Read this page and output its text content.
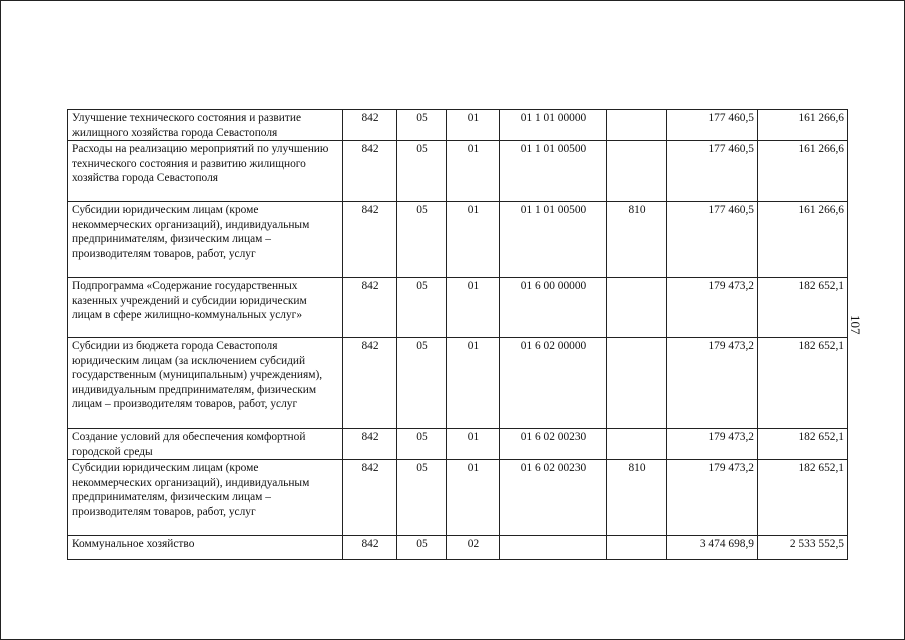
Улучшение технического состояния и развитие жилищного хозяйства города Севастополя	842	05	01	01 1 01 00000		177 460,5	161 266,6
Расходы на реализацию мероприятий по улучшению технического состояния и развитию жилищного хозяйства города Севастополя	842	05	01	01 1 01 00500		177 460,5	161 266,6
Субсидии юридическим лицам (кроме некоммерческих организаций), индивидуальным предпринимателям, физическим лицам – производителям товаров, работ, услуг	842	05	01	01 1 01 00500	810	177 460,5	161 266,6
Подпрограмма «Содержание государственных казенных учреждений и субсидии юридическим лицам в сфере жилищно-коммунальных услуг»	842	05	01	01 6 00 00000		179 473,2	182 652,1
Субсидии из бюджета города Севастополя юридическим лицам (за исключением субсидий государственным (муниципальным) учреждениям), индивидуальным предпринимателям, физическим лицам – производителям товаров, работ, услуг	842	05	01	01 6 02 00000		179 473,2	182 652,1
Создание условий для обеспечения комфортной городской среды	842	05	01	01 6 02 00230		179 473,2	182 652,1
Субсидии юридическим лицам (кроме некоммерческих организаций), индивидуальным предпринимателям, физическим лицам – производителям товаров, работ, услуг	842	05	01	01 6 02 00230	810	179 473,2	182 652,1
Коммунальное хозяйство	842	05	02			3 474 698,9	2 533 552,5
107
